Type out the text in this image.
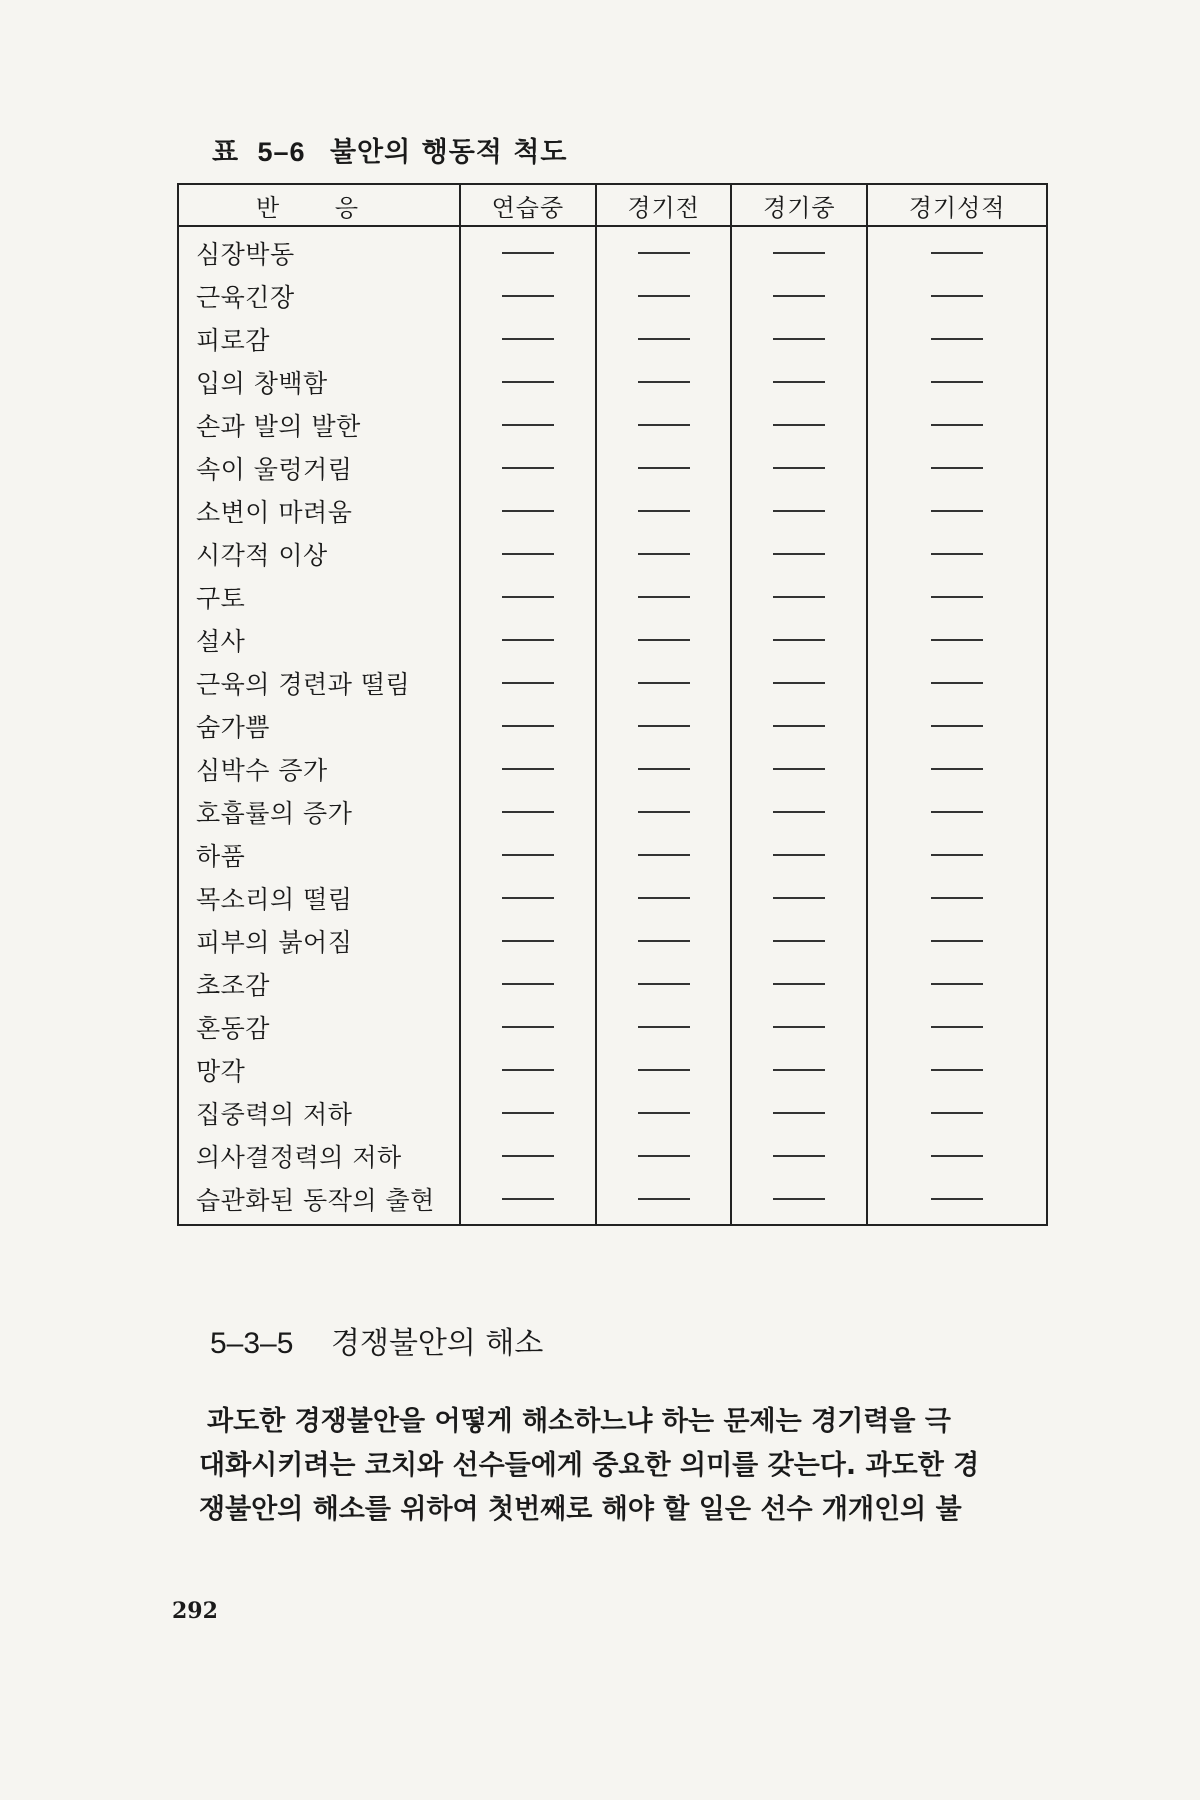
표 5–6 불안의 행동적 척도
반 응	연습중	경기전	경기중	경기성적
심장박동	

근육긴장	

피로감	

입의 창백함	

손과 발의 발한	

속이 울렁거림	

소변이 마려움	

시각적 이상	

구토	

설사	

근육의 경련과 떨림	

숨가쁨	

심박수 증가	

호흡률의 증가	

하품	

목소리의 떨림	

피부의 붉어짐	

초조감	

혼동감	

망각	

집중력의 저하	

의사결정력의 저하	

습관화된 동작의 출현	

5–3–5 경쟁불안의 해소
과도한 경쟁불안을 어떻게 해소하느냐 하는 문제는 경기력을 극
대화시키려는 코치와 선수들에게 중요한 의미를 갖는다. 과도한 경
쟁불안의 해소를 위하여 첫번째로 해야 할 일은 선수 개개인의 불
292
